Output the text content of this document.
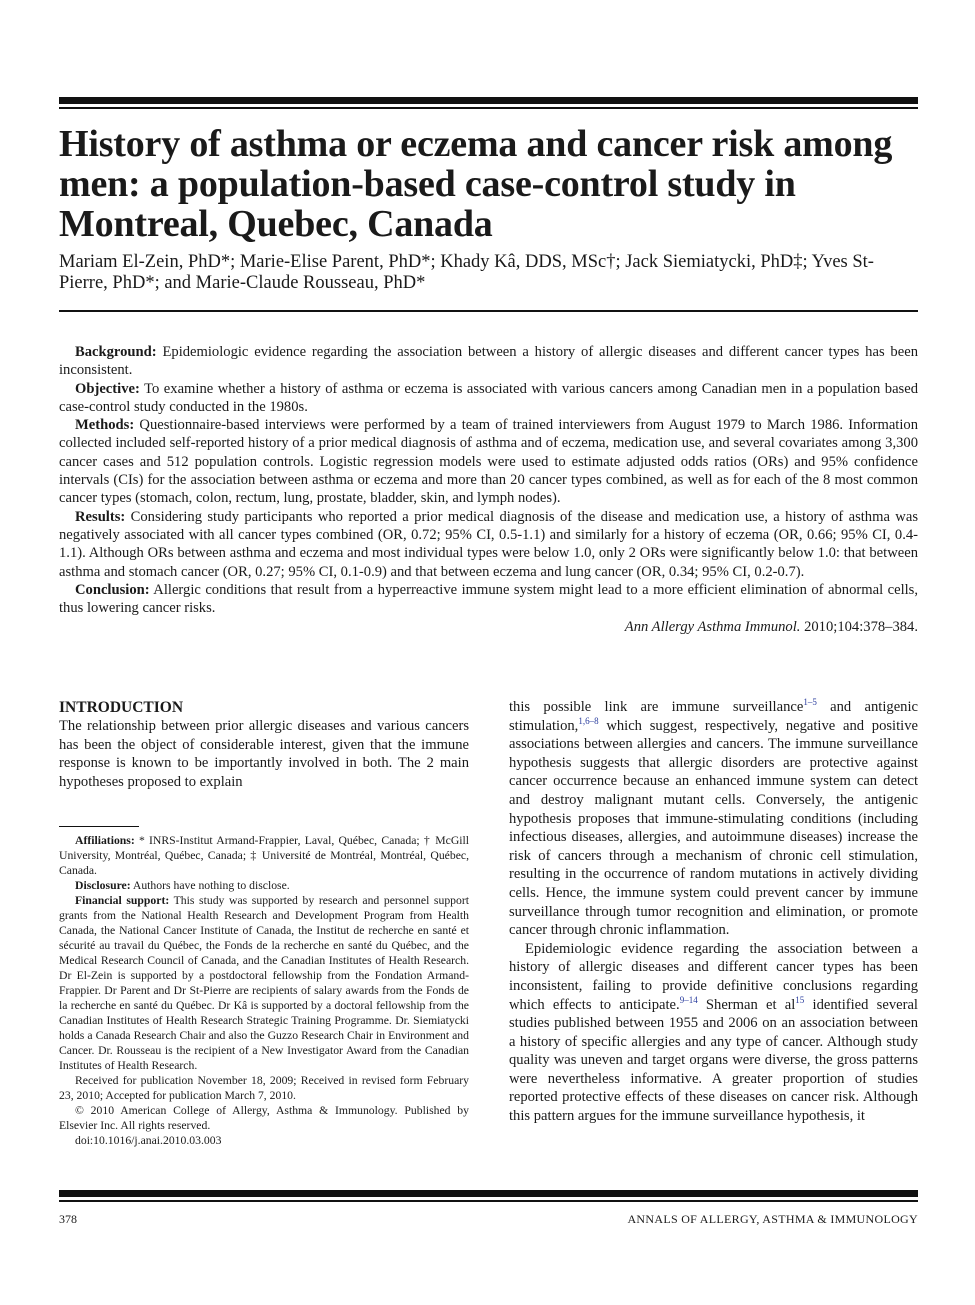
History of asthma or eczema and cancer risk among men: a population-based case-control study in Montreal, Quebec, Canada

Mariam El-Zein, PhD*; Marie-Elise Parent, PhD*; Khady Kâ, DDS, MSc†; Jack Siemiatycki, PhD‡; Yves St-Pierre, PhD*; and Marie-Claude Rousseau, PhD*

Background: Epidemiologic evidence regarding the association between a history of allergic diseases and different cancer types has been inconsistent.

Objective: To examine whether a history of asthma or eczema is associated with various cancers among Canadian men in a population based case-control study conducted in the 1980s.

Methods: Questionnaire-based interviews were performed by a team of trained interviewers from August 1979 to March 1986. Information collected included self-reported history of a prior medical diagnosis of asthma and of eczema, medication use, and several covariates among 3,300 cancer cases and 512 population controls. Logistic regression models were used to estimate adjusted odds ratios (ORs) and 95% confidence intervals (CIs) for the association between asthma or eczema and more than 20 cancer types combined, as well as for each of the 8 most common cancer types (stomach, colon, rectum, lung, prostate, bladder, skin, and lymph nodes).

Results: Considering study participants who reported a prior medical diagnosis of the disease and medication use, a history of asthma was negatively associated with all cancer types combined (OR, 0.72; 95% CI, 0.5-1.1) and similarly for a history of eczema (OR, 0.66; 95% CI, 0.4-1.1). Although ORs between asthma and eczema and most individual types were below 1.0, only 2 ORs were significantly below 1.0: that between asthma and stomach cancer (OR, 0.27; 95% CI, 0.1-0.9) and that between eczema and lung cancer (OR, 0.34; 95% CI, 0.2-0.7).

Conclusion: Allergic conditions that result from a hyperreactive immune system might lead to a more efficient elimination of abnormal cells, thus lowering cancer risks.

Ann Allergy Asthma Immunol. 2010;104:378–384.

INTRODUCTION

The relationship between prior allergic diseases and various cancers has been the object of considerable interest, given that the immune response is known to be importantly involved in both. The 2 main hypotheses proposed to explain

this possible link are immune surveillance$^{1-5}$ and antigenic stimulation,$^{1,6-8}$ which suggest, respectively, negative and positive associations between allergies and cancers. The immune surveillance hypothesis suggests that allergic disorders are protective against cancer occurrence because an enhanced immune system can detect and destroy malignant mutant cells. Conversely, the antigenic hypothesis proposes that immune-stimulating conditions (including infectious diseases, allergies, and autoimmune diseases) increase the risk of cancers through a mechanism of chronic cell stimulation, resulting in the occurrence of random mutations in actively dividing cells. Hence, the immune system could prevent cancer by immune surveillance through tumor recognition and elimination, or promote cancer through chronic inflammation.

Epidemiologic evidence regarding the association between a history of allergic diseases and different cancer types has been inconsistent, failing to provide definitive conclusions regarding which effects to anticipate.$^{9-14}$ Sherman et $al^{15}$ identified several studies published between 1955 and 2006 on an association between a history of specific allergies and any type of cancer. Although study quality was uneven and target organs were diverse, the gross patterns were nevertheless informative. A greater proportion of studies reported protective effects of these diseases on cancer risk. Although this pattern argues for the immune surveillance hypothesis, it

Affiliations: * INRS-Institut Armand-Frappier, Laval, Québec, Canada; † McGill University, Montréal, Québec, Canada; ‡ Université de Montréal, Montréal, Québec, Canada.

Disclosure: Authors have nothing to disclose.

Financial support: This study was supported by research and personnel support grants from the National Health Research and Development Program from Health Canada, the National Cancer Institute of Canada, the Institut de recherche en santé et sécurité au travail du Québec, the Fonds de la recherche en santé du Québec, and the Medical Research Council of Canada, and the Canadian Institutes of Health Research. Dr El-Zein is supported by a postdoctoral fellowship from the Fondation Armand-Frappier. Dr Parent and Dr St-Pierre are recipients of salary awards from the Fonds de la recherche en santé du Québec. Dr Kâ is supported by a doctoral fellowship from the Canadian Institutes of Health Research Strategic Training Programme. Dr. Siemiatycki holds a Canada Research Chair and also the Guzzo Research Chair in Environment and Cancer. Dr. Rousseau is the recipient of a New Investigator Award from the Canadian Institutes of Health Research.

Received for publication November 18, 2009; Received in revised form February 23, 2010; Accepted for publication March 7, 2010.

© 2010 American College of Allergy, Asthma & Immunology. Published by Elsevier Inc. All rights reserved.

doi:10.1016/j.anai.2010.03.003

378	ANNALS OF ALLERGY, ASTHMA & IMMUNOLOGY
